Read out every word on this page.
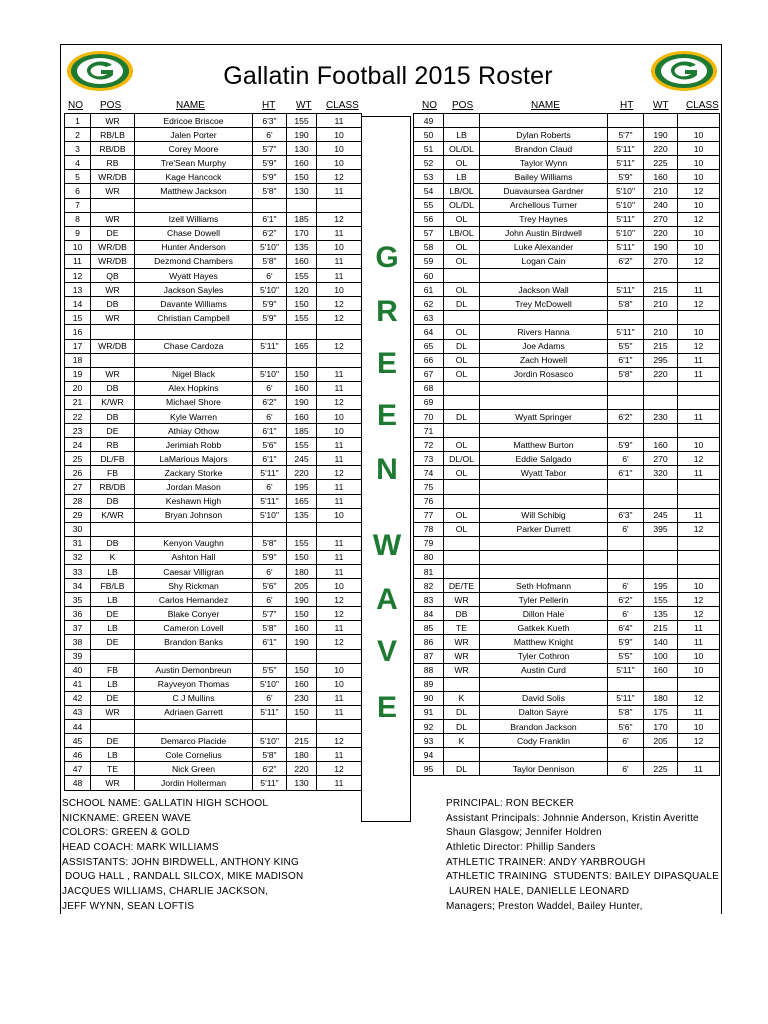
Gallatin Football 2015 Roster
NO POS	NAME	HT WT CLASS	NO POS	NAME	HT WT CLASS
1	WR	Edricoe Briscoe	6'3"	155	11
2	RB/LB	Jalen Porter	6'	190	10
3	RB/DB	Corey Moore	5'7"	130	10
4	RB	Tre'Sean Murphy	5'9"	160	10
5	WR/DB	Kage Hancock	5'9"	150	12
6	WR	Matthew Jackson	5'8"	130	11
7					
8	WR	Izell Williams	6'1"	185	12
9	DE	Chase Dowell	6'2"	170	11
10	WR/DB	Hunter Anderson	5'10"	135	10
11	WR/DB	Dezmond Chambers	5'8"	160	11
12	QB	Wyatt Hayes	6'	155	11
13	WR	Jackson Sayles	5'10"	120	10
14	DB	Davante Williams	5'9"	150	12
15	WR	Christian Campbell	5'9"	155	12
16					
17	WR/DB	Chase Cardoza	5'11"	165	12
18					
19	WR	Nigel Black	5'10"	150	11
20	DB	Alex Hopkins	6'	160	11
21	K/WR	Michael Shore	6'2"	190	12
22	DB	Kyle Warren	6'	160	10
23	DE	Athiay Othow	6'1"	185	10
24	RB	Jerimiah Robb	5'6"	155	11
25	DL/FB	LaMarious Majors	6'1"	245	11
26	FB	Zackary Storke	5'11"	220	12
27	RB/DB	Jordan Mason	6'	195	11
28	DB	Keshawn High	5'11"	165	11
29	K/WR	Bryan Johnson	5'10"	135	10
30					
31	DB	Kenyon Vaughn	5'8"	155	11
32	K	Ashton Hall	5'9"	150	11
33	LB	Caesar Villigran	6'	180	11
34	FB/LB	Shy Rickman	5'6"	205	10
35	LB	Carlos Hernandez	6'	190	12
36	DE	Blake Conyer	5'7"	150	12
37	LB	Cameron Lovell	5'8"	160	11
38	DE	Brandon Banks	6'1"	190	12
39					
40	FB	Austin Demonbreun	5'5"	150	10
41	LB	Rayveyon Thomas	5'10"	160	10
42	DE	C J Mullins	6'	230	11
43	WR	Adriaen Garrett	5'11"	150	11
44					
45	DE	Demarco Placide	5'10"	215	12
46	LB	Cole Cornelius	5'8"	180	11
47	TE	Nick Green	6'2"	220	12
48	WR	Jordin Hollerman	5'11"	130	11
G
R
E
E
N
W
A
V
E
49					
50	LB	Dylan Roberts	5'7"	190	10
51	OL/DL	Brandon Claud	5'11"	220	10
52	OL	Taylor Wynn	5'11"	225	10
53	LB	Bailey Williams	5'9"	160	10
54	LB/OL	Duavaursea Gardner	5'10"	210	12
55	OL/DL	Archellous Turner	5'10"	240	10
56	OL	Trey Haynes	5'11"	270	12
57	LB/OL	John Austin Birdwell	5'10"	220	10
58	OL	Luke Alexander	5'11"	190	10
59	OL	Logan Cain	6'2"	270	12
60					
61	OL	Jackson Wall	5'11"	215	11
62	DL	Trey McDowell	5'8"	210	12
63					
64	OL	Rivers Hanna	5'11"	210	10
65	DL	Joe Adams	5'5"	215	12
66	OL	Zach Howell	6'1"	295	11
67	OL	Jordin Rosasco	5'8"	220	11
68					
69					
70	DL	Wyatt Springer	6'2"	230	11
71					
72	OL	Matthew Burton	5'9"	160	10
73	DL/OL	Eddie Salgado	6'	270	12
74	OL	Wyatt Tabor	6'1"	320	11
75					
76					
77	OL	Will Schibig	6'3"	245	11
78	OL	Parker Durrett	6'	395	12
79					
80					
81					
82	DE/TE	Seth Hofmann	6'	195	10
83	WR	Tyler Pellerin	6'2"	155	12
84	DB	Dillon Hale	6'	135	12
85	TE	Gatkek Kueth	6'4"	215	11
86	WR	Matthew Knight	5'9"	140	11
87	WR	Tyler Cothron	5'5"	100	10
88	WR	Austin Curd	5'11"	160	10
89					
90	K	David Solis	5'11"	180	12
91	DL	Dalton Sayre	5'8"	175	11
92	DL	Brandon Jackson	5'6"	170	10
93	K	Cody Franklin	6'	205	12
94					
95	DL	Taylor Dennison	6'	225	11
SCHOOL NAME: GALLATIN HIGH SCHOOL
NICKNAME: GREEN WAVE
COLORS: GREEN & GOLD
HEAD COACH: MARK WILLIAMS
ASSISTANTS: JOHN BIRDWELL, ANTHONY KING
DOUG HALL , RANDALL SILCOX, MIKE MADISON
JACQUES WILLIAMS, CHARLIE JACKSON,
JEFF WYNN, SEAN LOFTIS
PRINCIPAL: RON BECKER
Assistant Principals: Johnnie Anderson, Kristin Averitte
Shaun Glasgow; Jennifer Holdren
Athletic Director: Phillip Sanders
ATHLETIC TRAINER: ANDY YARBROUGH
ATHLETIC TRAINING  STUDENTS: BAILEY DIPASQUALE
LAUREN HALE, DANIELLE LEONARD
Managers; Preston Waddel, Bailey Hunter,
